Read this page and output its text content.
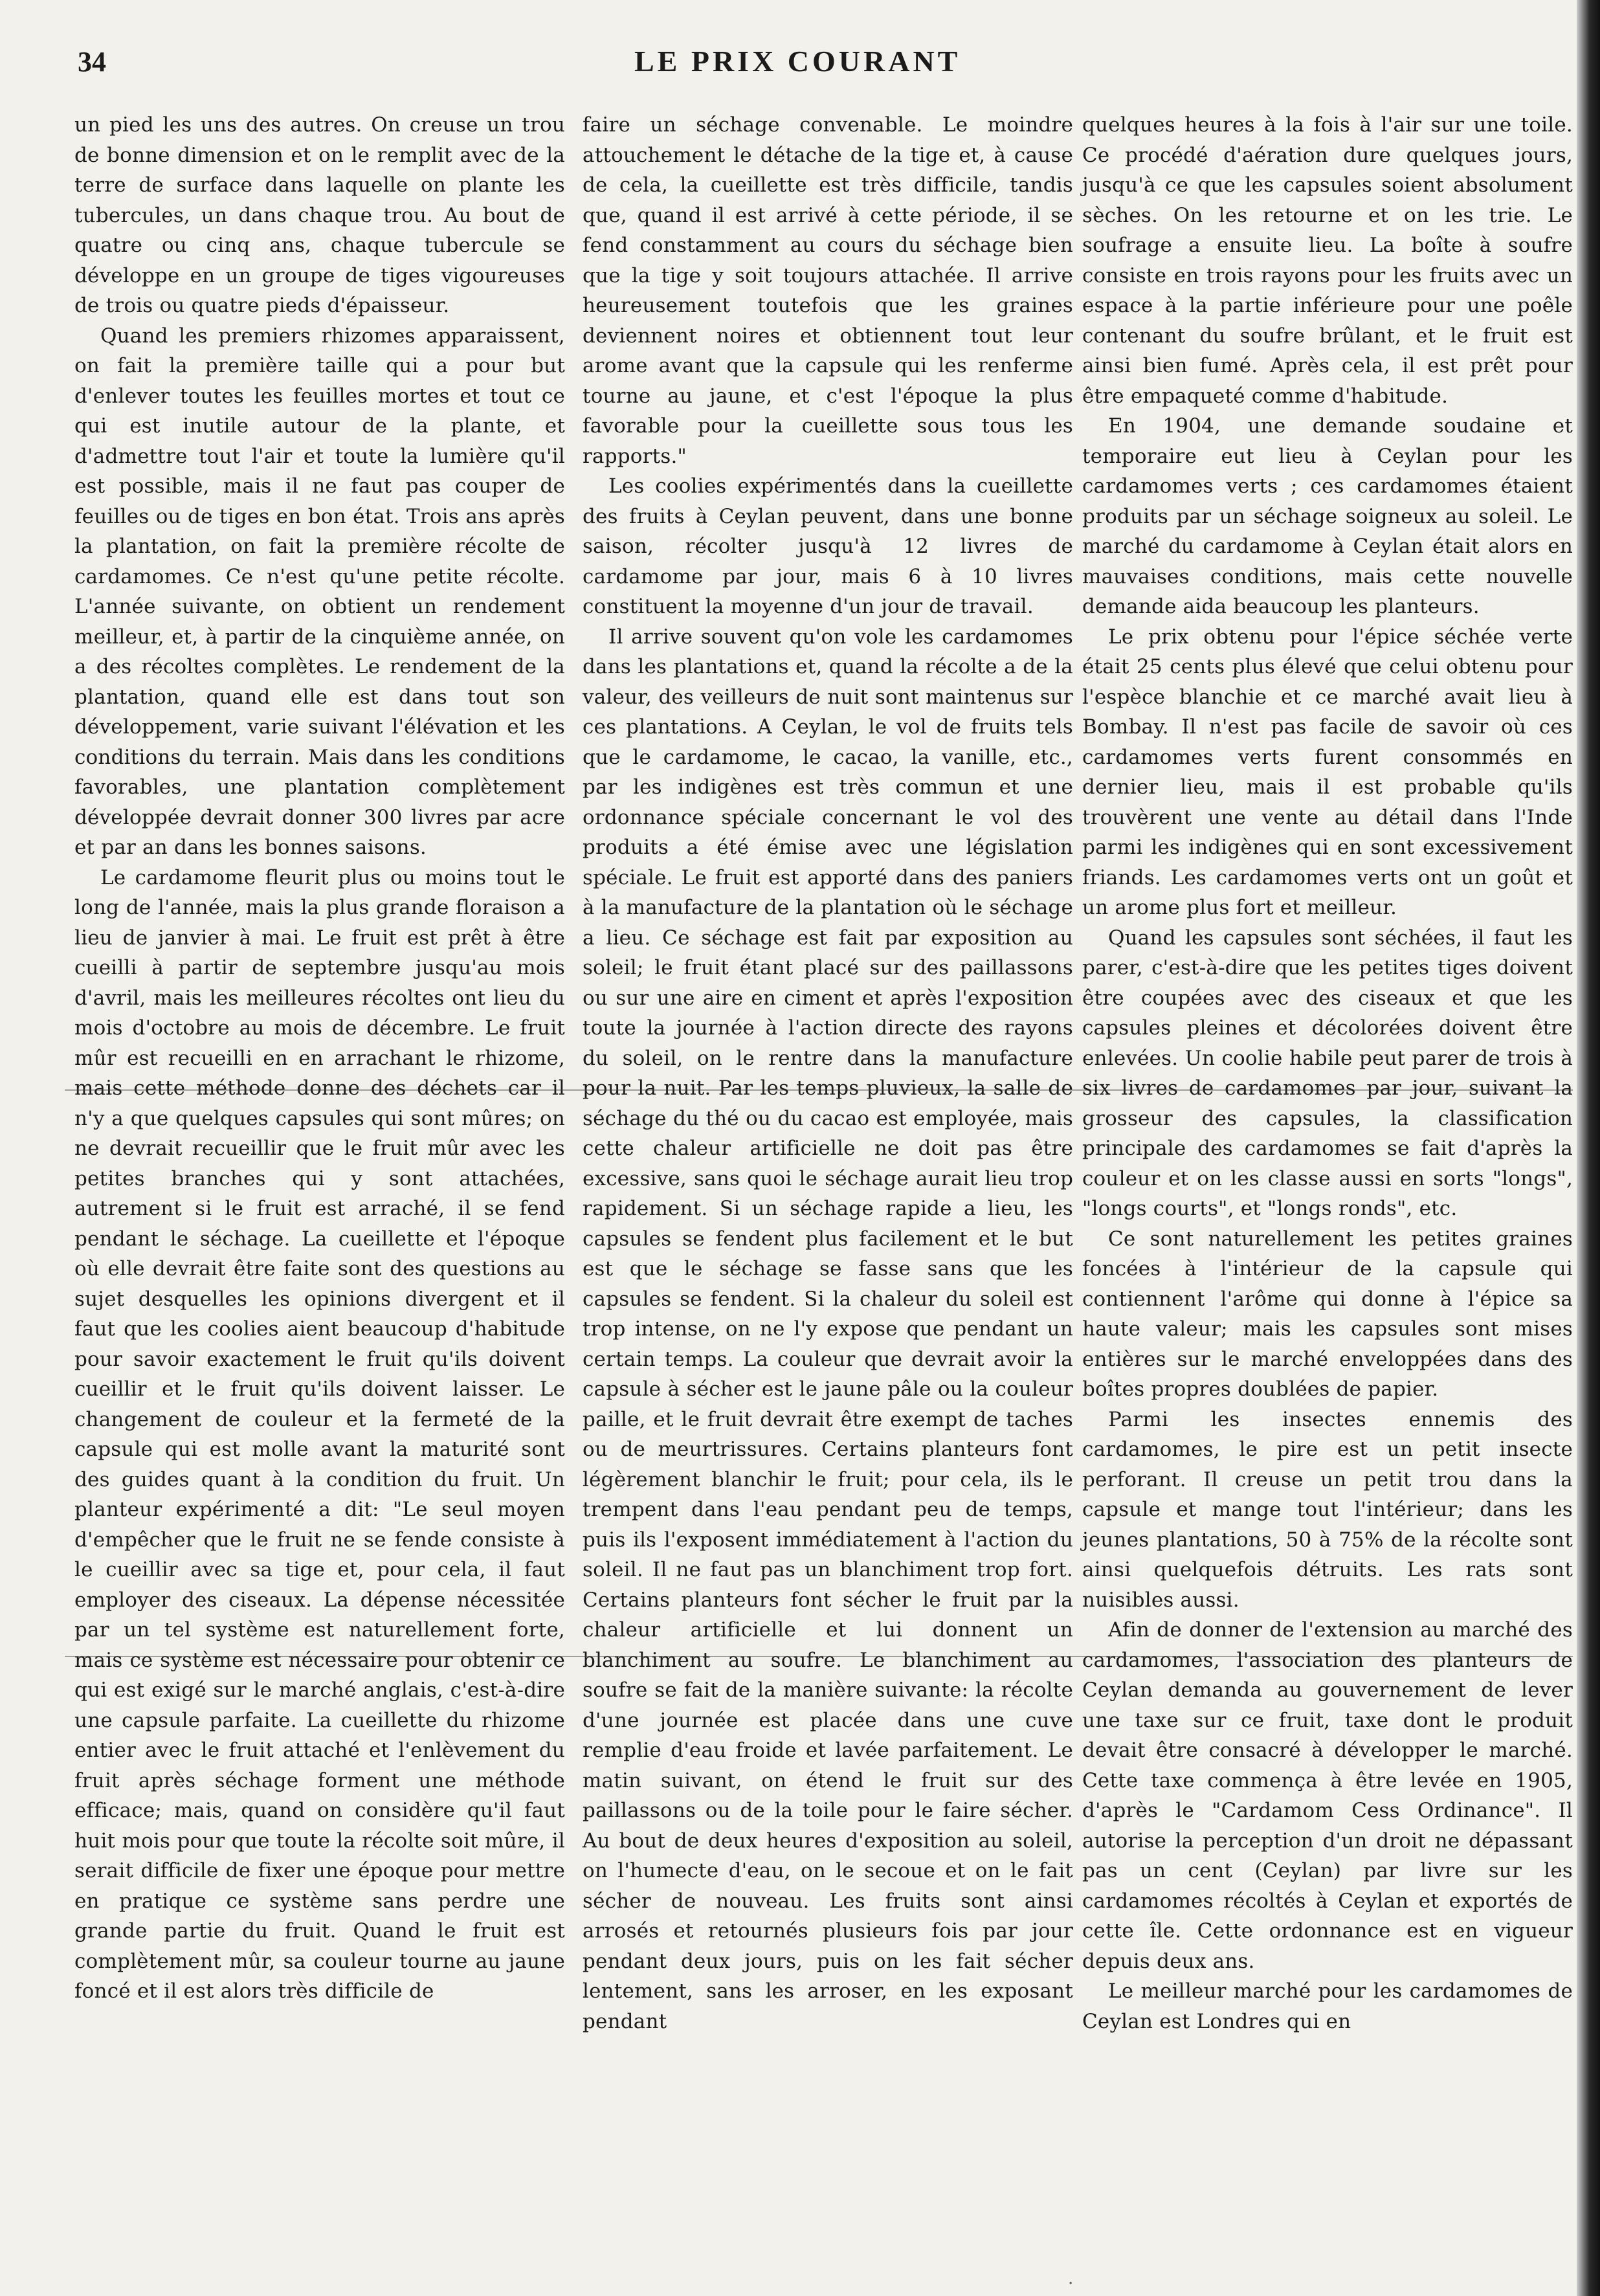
34	LE PRIX COURANT

un pied les uns des autres. On creuse un trou de bonne dimension et on le remplit avec de la terre de surface dans laquelle on plante les tubercules, un dans chaque trou. Au bout de quatre ou cinq ans, chaque tubercule se développe en un groupe de tiges vigoureuses de trois ou quatre pieds d'épaisseur.

Quand les premiers rhizomes apparaissent, on fait la première taille qui a pour but d'enlever toutes les feuilles mortes et tout ce qui est inutile autour de la plante, et d'admettre tout l'air et toute la lumière qu'il est possible, mais il ne faut pas couper de feuilles ou de tiges en bon état. Trois ans après la plantation, on fait la première récolte de cardamomes. Ce n'est qu'une petite récolte. L'année suivante, on obtient un rendement meilleur, et, à partir de la cinquième année, on a des récoltes complètes. Le rendement de la plantation, quand elle est dans tout son développement, varie suivant l'élévation et les conditions du terrain. Mais dans les conditions favorables, une plantation complètement développée devrait donner 300 livres par acre et par an dans les bonnes saisons.

Le cardamome fleurit plus ou moins tout le long de l'année, mais la plus grande floraison a lieu de janvier à mai. Le fruit est prêt à être cueilli à partir de septembre jusqu'au mois d'avril, mais les meilleures récoltes ont lieu du mois d'octobre au mois de décembre. Le fruit mûr est recueilli en en arrachant le rhizome, mais cette méthode donne des déchets car il n'y a que quelques capsules qui sont mûres; on ne devrait recueillir que le fruit mûr avec les petites branches qui y sont attachées, autrement si le fruit est arraché, il se fend pendant le séchage. La cueillette et l'époque où elle devrait être faite sont des questions au sujet desquelles les opinions divergent et il faut que les coolies aient beaucoup d'habitude pour savoir exactement le fruit qu'ils doivent cueillir et le fruit qu'ils doivent laisser. Le changement de couleur et la fermeté de la capsule qui est molle avant la maturité sont des guides quant à la condition du fruit. Un planteur expérimenté a dit: "Le seul moyen d'empêcher que le fruit ne se fende consiste à le cueillir avec sa tige et, pour cela, il faut employer des ciseaux. La dépense nécessitée par un tel système est naturellement forte, mais ce système est nécessaire pour obtenir ce qui est exigé sur le marché anglais, c'est-à-dire une capsule parfaite. La cueillette du rhizome entier avec le fruit attaché et l'enlèvement du fruit après séchage forment une méthode efficace; mais, quand on considère qu'il faut huit mois pour que toute la récolte soit mûre, il serait difficile de fixer une époque pour mettre en pratique ce système sans perdre une grande partie du fruit. Quand le fruit est complètement mûr, sa couleur tourne au jaune foncé et il est alors très difficile de

faire un séchage convenable. Le moindre attouchement le détache de la tige et, à cause de cela, la cueillette est très difficile, tandis que, quand il est arrivé à cette période, il se fend constamment au cours du séchage bien que la tige y soit toujours attachée. Il arrive heureusement toutefois que les graines deviennent noires et obtiennent tout leur arome avant que la capsule qui les renferme tourne au jaune, et c'est l'époque la plus favorable pour la cueillette sous tous les rapports."

Les coolies expérimentés dans la cueillette des fruits à Ceylan peuvent, dans une bonne saison, récolter jusqu'à 12 livres de cardamome par jour, mais 6 à 10 livres constituent la moyenne d'un jour de travail.

Il arrive souvent qu'on vole les cardamomes dans les plantations et, quand la récolte a de la valeur, des veilleurs de nuit sont maintenus sur ces plantations. A Ceylan, le vol de fruits tels que le cardamome, le cacao, la vanille, etc., par les indigènes est très commun et une ordonnance spéciale concernant le vol des produits a été émise avec une législation spéciale. Le fruit est apporté dans des paniers à la manufacture de la plantation où le séchage a lieu. Ce séchage est fait par exposition au soleil; le fruit étant placé sur des paillassons ou sur une aire en ciment et après l'exposition toute la journée à l'action directe des rayons du soleil, on le rentre dans la manufacture pour la nuit. Par les temps pluvieux, la salle de séchage du thé ou du cacao est employée, mais cette chaleur artificielle ne doit pas être excessive, sans quoi le séchage aurait lieu trop rapidement. Si un séchage rapide a lieu, les capsules se fendent plus facilement et le but est que le séchage se fasse sans que les capsules se fendent. Si la chaleur du soleil est trop intense, on ne l'y expose que pendant un certain temps. La couleur que devrait avoir la capsule à sécher est le jaune pâle ou la couleur paille, et le fruit devrait être exempt de taches ou de meurtrissures. Certains planteurs font légèrement blanchir le fruit; pour cela, ils le trempent dans l'eau pendant peu de temps, puis ils l'exposent immédiatement à l'action du soleil. Il ne faut pas un blanchiment trop fort. Certains planteurs font sécher le fruit par la chaleur artificielle et lui donnent un blanchiment au soufre. Le blanchiment au soufre se fait de la manière suivante: la récolte d'une journée est placée dans une cuve remplie d'eau froide et lavée parfaitement. Le matin suivant, on étend le fruit sur des paillassons ou de la toile pour le faire sécher. Au bout de deux heures d'exposition au soleil, on l'humecte d'eau, on le secoue et on le fait sécher de nouveau. Les fruits sont ainsi arrosés et retournés plusieurs fois par jour pendant deux jours, puis on les fait sécher lentement, sans les arroser, en les exposant pendant

quelques heures à la fois à l'air sur une toile. Ce procédé d'aération dure quelques jours, jusqu'à ce que les capsules soient absolument sèches. On les retourne et on les trie. Le soufrage a ensuite lieu. La boîte à soufre consiste en trois rayons pour les fruits avec un espace à la partie inférieure pour une poêle contenant du soufre brûlant, et le fruit est ainsi bien fumé. Après cela, il est prêt pour être empaqueté comme d'habitude.

En 1904, une demande soudaine et temporaire eut lieu à Ceylan pour les cardamomes verts ; ces cardamomes étaient produits par un séchage soigneux au soleil. Le marché du cardamome à Ceylan était alors en mauvaises conditions, mais cette nouvelle demande aida beaucoup les planteurs.

Le prix obtenu pour l'épice séchée verte était 25 cents plus élevé que celui obtenu pour l'espèce blanchie et ce marché avait lieu à Bombay. Il n'est pas facile de savoir où ces cardamomes verts furent consommés en dernier lieu, mais il est probable qu'ils trouvèrent une vente au détail dans l'Inde parmi les indigènes qui en sont excessivement friands. Les cardamomes verts ont un goût et un arome plus fort et meilleur.

Quand les capsules sont séchées, il faut les parer, c'est-à-dire que les petites tiges doivent être coupées avec des ciseaux et que les capsules pleines et décolorées doivent être enlevées. Un coolie habile peut parer de trois à six livres de cardamomes par jour, suivant la grosseur des capsules, la classification principale des cardamomes se fait d'après la couleur et on les classe aussi en sorts "longs", "longs courts", et "longs ronds", etc.

Ce sont naturellement les petites graines foncées à l'intérieur de la capsule qui contiennent l'arôme qui donne à l'épice sa haute valeur; mais les capsules sont mises entières sur le marché enveloppées dans des boîtes propres doublées de papier.

Parmi les insectes ennemis des cardamomes, le pire est un petit insecte perforant. Il creuse un petit trou dans la capsule et mange tout l'intérieur; dans les jeunes plantations, 50 à 75% de la récolte sont ainsi quelquefois détruits. Les rats sont nuisibles aussi.

Afin de donner de l'extension au marché des cardamomes, l'association des planteurs de Ceylan demanda au gouvernement de lever une taxe sur ce fruit, taxe dont le produit devait être consacré à développer le marché. Cette taxe commença à être levée en 1905, d'après le "Cardamom Cess Ordinance". Il autorise la perception d'un droit ne dépassant pas un cent (Ceylan) par livre sur les cardamomes récoltés à Ceylan et exportés de cette île. Cette ordonnance est en vigueur depuis deux ans.

Le meilleur marché pour les cardamomes de Ceylan est Londres qui en

.
